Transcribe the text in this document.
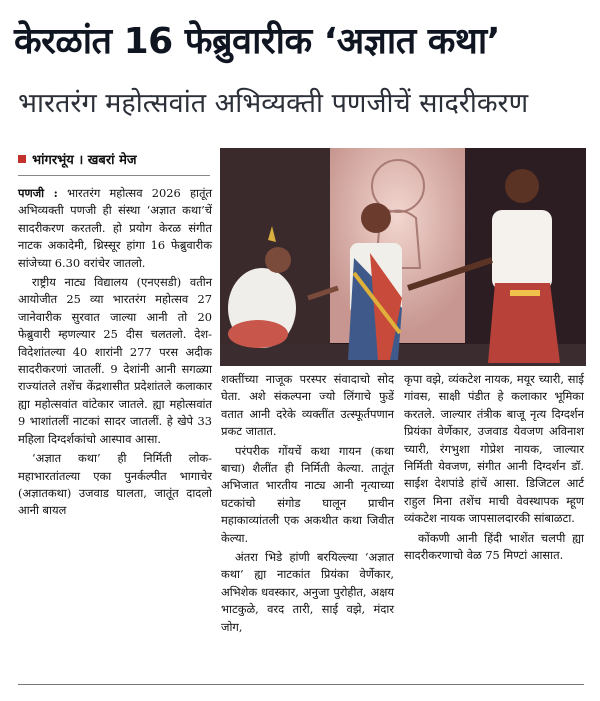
केरळांत 16 फेब्रुवारीक ‘अज्ञात कथा’
भारतरंग महोत्सवांत अभिव्यक्ती पणजीचें सादरीकरण
भांगरभूंय । खबरां मेज

पणजी : भारतरंग महोत्सव 2026 हातूंत अभिव्यक्ती पणजी ही संस्था ‘अज्ञात कथा’चें सादरीकरण करतली. हो प्रयोग केरळ संगीत नाटक अकादेमी, थ्रिस्सूर हांगा 16 फेब्रुवारीक सांजेच्या 6.30 वरांचेर जातलो.

राष्ट्रीय नाट्य विद्यालय (एनएसडी) वतीन आयोजीत 25 व्या भारतरंग महोत्सव 27 जानेवारीक सुरवात जाल्या आनी तो 20 फेब्रुवारी म्हणल्यार 25 दीस चलतलो. देश- विदेशांतल्या 40 शारांनी 277 परस अदीक सादरीकरणां जातलीं. 9 देशांनी आनी सगळ्या राज्यांतले तशेंच केंद्रशासीत प्रदेशांतले कलाकार ह्या महोत्सवांत वांटेकार जातले. ह्या महोत्सवांत 9 भाशांतलीं नाटकां सादर जातलीं. हे खेपे 33 महिला दिग्दर्शकांचो आस्पाव आसा.

‘अज्ञात कथा’ ही निर्मिती लोक- महाभारतांतल्या एका पुनर्कल्पीत भागाचेर (अज्ञातकथा) उजवाड घालता, जातूंत दादलो आनी बायल

शक्तींच्या नाजूक परस्पर संवादाचो सोद घेता. अशे संकल्पना ज्यो लिंगाचे फुडें वतात आनी दरेके व्यक्तींत उत्स्फूर्तपणान प्रकट जातात.

परंपरीक गोंयचें कथा गायन (कथा बाचा) शैलींत ही निर्मिती केल्या. तातूंत अभिजात भारतीय नाट्य आनी नृत्याच्या घटकांचो संगोड घालून प्राचीन महाकाव्यांतली एक अकथीत कथा जिवीत केल्या.

अंतरा भिडे हांणी बरयिल्ल्या ‘अज्ञात कथा’ ह्या नाटकांत प्रियंका वेर्णेकार, अभिशेक धवस्कार, अनुजा पुरोहीत, अक्षय भाटकुळे, वरद तारी, साई वझे, मंदार जोग,

कृपा वझे, व्यंकटेश नायक, मयूर च्यारी, साई गांवस, साक्षी पंडीत हे कलाकार भूमिका करतले. जाल्यार तंत्रीक बाजू नृत्य दिग्दर्शन प्रियंका वेर्णेकार, उजवाड येवजण अविनाश च्यारी, रंगभुशा गोप्रेश नायक, जाल्यार निर्मिती येवजण, संगीत आनी दिग्दर्शन डॉ. साईश देशपांडे हांचें आसा. डिजिटल आर्ट राहुल मिना तशेंच माची वेवस्थापक म्हूण व्यंकटेश नायक जापसालदारकी सांबाळटा.

कोंकणी आनी हिंदी भाशेंत चलपी ह्या सादरीकरणाचो वेळ 75 मिण्टां आसात.
